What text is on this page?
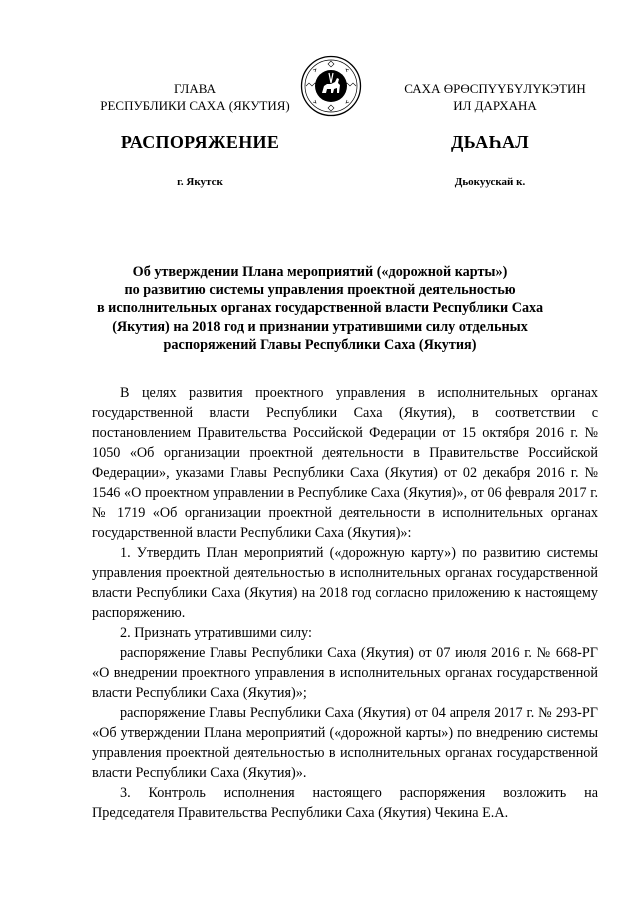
ГЛАВА
РЕСПУБЛИКИ САХА (ЯКУТИЯ)
САХА ӨРӨСПҮҮБҮЛҮКЭТИН
ИЛ ДАРХАНА
РАСПОРЯЖЕНИЕ	ДЬАҺАЛ
г. Якутск	Дьокуускай к.
Об утверждении Плана мероприятий («дорожной карты»)
по развитию системы управления проектной деятельностью
в исполнительных органах государственной власти Республики Саха
(Якутия) на 2018 год и признании утратившими силу отдельных
распоряжений Главы Республики Саха (Якутия)

В целях развития проектного управления в исполнительных органах государственной власти Республики Саха (Якутия), в соответствии с постановлением Правительства Российской Федерации от 15 октября 2016 г. № 1050 «Об организации проектной деятельности в Правительстве Российской Федерации», указами Главы Республики Саха (Якутия) от 02 декабря 2016 г. № 1546 «О проектном управлении в Республике Саха (Якутия)», от 06 февраля 2017 г. № 1719 «Об организации проектной деятельности в исполнительных органах государственной власти Республики Саха (Якутия)»:

1. Утвердить План мероприятий («дорожную карту») по развитию системы управления проектной деятельностью в исполнительных органах государственной власти Республики Саха (Якутия) на 2018 год согласно приложению к настоящему распоряжению.

2. Признать утратившими силу:

распоряжение Главы Республики Саха (Якутия) от 07 июля 2016 г. № 668-РГ «О внедрении проектного управления в исполнительных органах государственной власти Республики Саха (Якутия)»;

распоряжение Главы Республики Саха (Якутия) от 04 апреля 2017 г. № 293-РГ «Об утверждении Плана мероприятий («дорожной карты») по внедрению системы управления проектной деятельностью в исполнительных органах государственной власти Республики Саха (Якутия)».

3. Контроль исполнения настоящего распоряжения возложить на Председателя Правительства Республики Саха (Якутия) Чекина Е.А.
